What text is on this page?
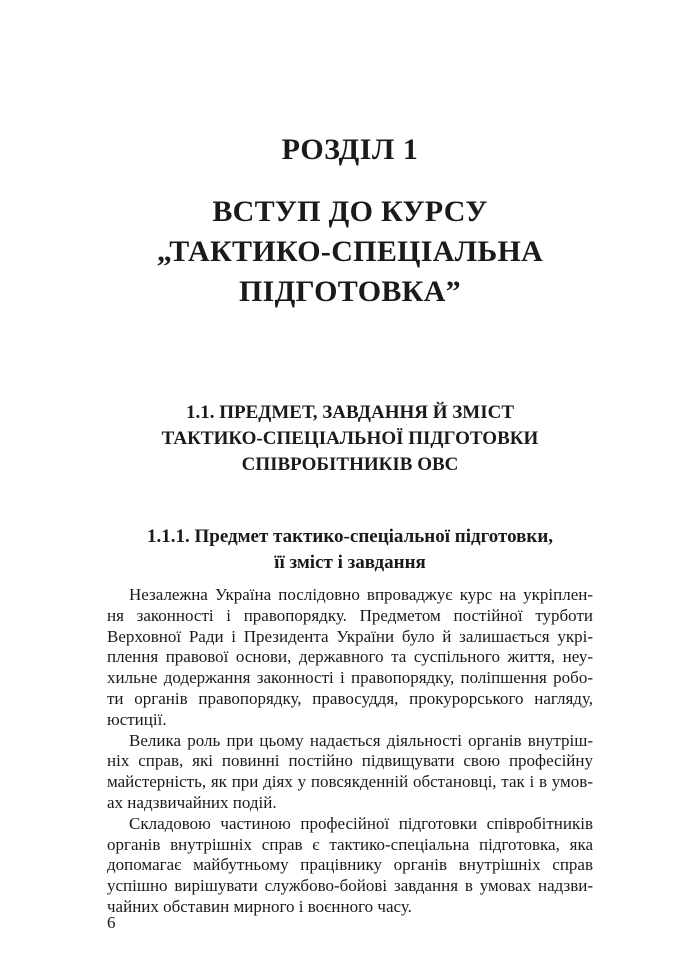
РОЗДІЛ 1
ВСТУП ДО КУРСУ
„ТАКТИКО-СПЕЦІАЛЬНА
ПІДГОТОВКА”
1.1. ПРЕДМЕТ, ЗАВДАННЯ Й ЗМІСТ
ТАКТИКО-СПЕЦІАЛЬНОЇ ПІДГОТОВКИ
СПІВРОБІТНИКІВ ОВС
1.1.1. Предмет тактико-спеціальної підготовки,
її зміст і завдання
Незалежна Україна послідовно впроваджує курс на укріплен-
ня законності і правопорядку. Предметом постійної турботи
Верховної Ради і Президента України було й залишається укрі-
плення правової основи, державного та суспільного життя, неу-
хильне додержання законності і правопорядку, поліпшення робо-
ти органів правопорядку, правосуддя, прокурорського нагляду,
юстиції.
Велика роль при цьому надається діяльності органів внутріш-
ніх справ, які повинні постійно підвищувати свою професійну
майстерність, як при діях у повсякденній обстановці, так і в умов-
ах надзвичайних подій.
Складовою частиною професійної підготовки співробітників
органів внутрішніх справ є тактико-спеціальна підготовка, яка
допомагає майбутньому працівнику органів внутрішніх справ
успішно вирішувати службово-бойові завдання в умовах надзви-
чайних обставин мирного і воєнного часу.
6
